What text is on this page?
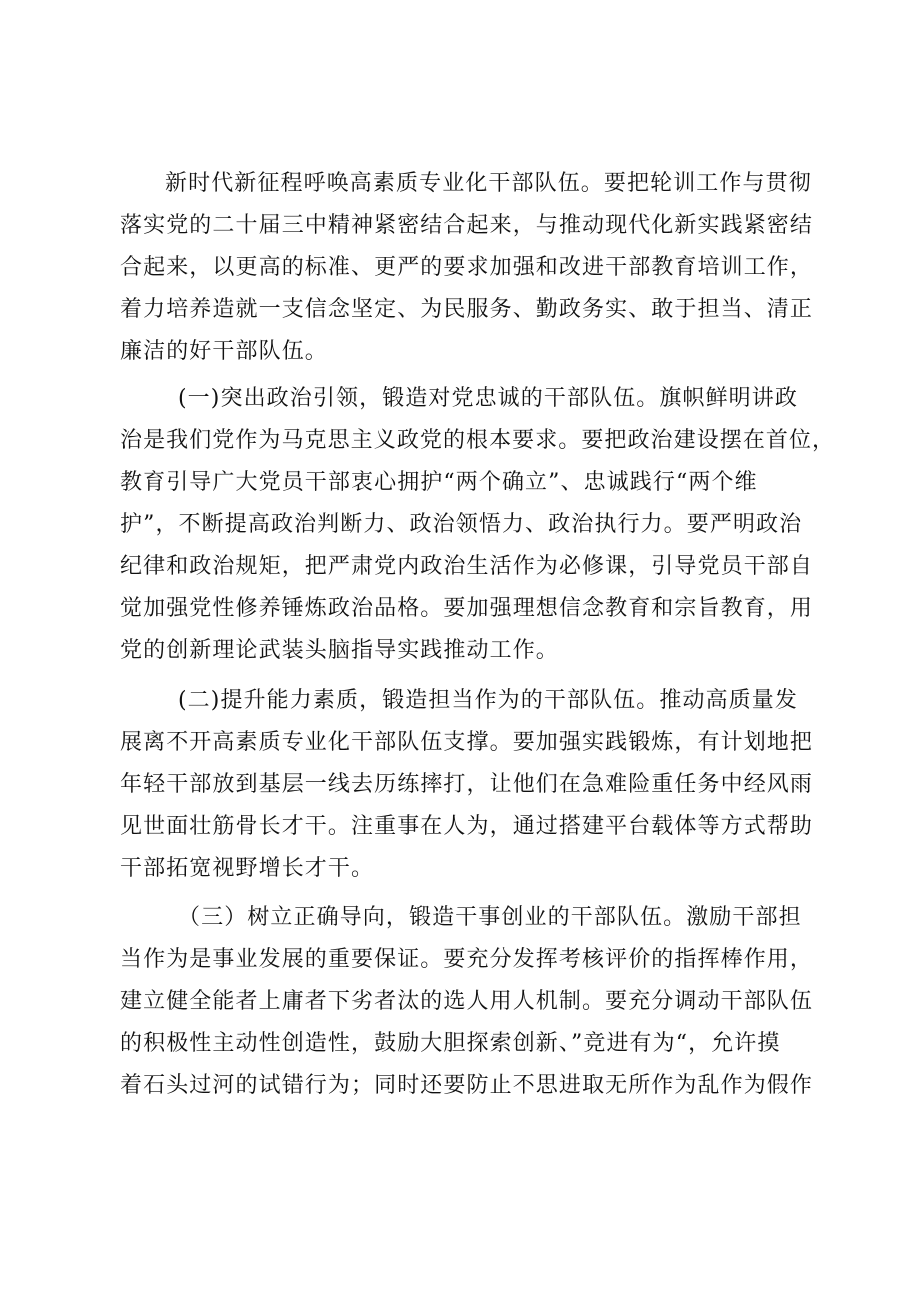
新时代新征程呼唤高素质专业化干部队伍。要把轮训工作与贯彻
落实党的二十届三中精神紧密结合起来，与推动现代化新实践紧密结
合起来，以更高的标准、更严的要求加强和改进干部教育培训工作，
着力培养造就一支信念坚定、为民服务、勤政务实、敢于担当、清正
廉洁的好干部队伍。
(一)突出政治引领，锻造对党忠诚的干部队伍。旗帜鲜明讲政
治是我们党作为马克思主义政党的根本要求。要把政治建设摆在首位，
教育引导广大党员干部衷心拥护“两个确立”、忠诚践行“两个维
护”，不断提高政治判断力、政治领悟力、政治执行力。要严明政治
纪律和政治规矩，把严肃党内政治生活作为必修课，引导党员干部自
觉加强党性修养锤炼政治品格。要加强理想信念教育和宗旨教育，用
党的创新理论武装头脑指导实践推动工作。
(二)提升能力素质，锻造担当作为的干部队伍。推动高质量发
展离不开高素质专业化干部队伍支撑。要加强实践锻炼，有计划地把
年轻干部放到基层一线去历练摔打，让他们在急难险重任务中经风雨
见世面壮筋骨长才干。注重事在人为，通过搭建平台载体等方式帮助
干部拓宽视野增长才干。
（三）树立正确导向，锻造干事创业的干部队伍。激励干部担
当作为是事业发展的重要保证。要充分发挥考核评价的指挥棒作用，
建立健全能者上庸者下劣者汰的选人用人机制。要充分调动干部队伍
的积极性主动性创造性，鼓励大胆探索创新、”竞进有为“，允许摸
着石头过河的试错行为；同时还要防止不思进取无所作为乱作为假作
